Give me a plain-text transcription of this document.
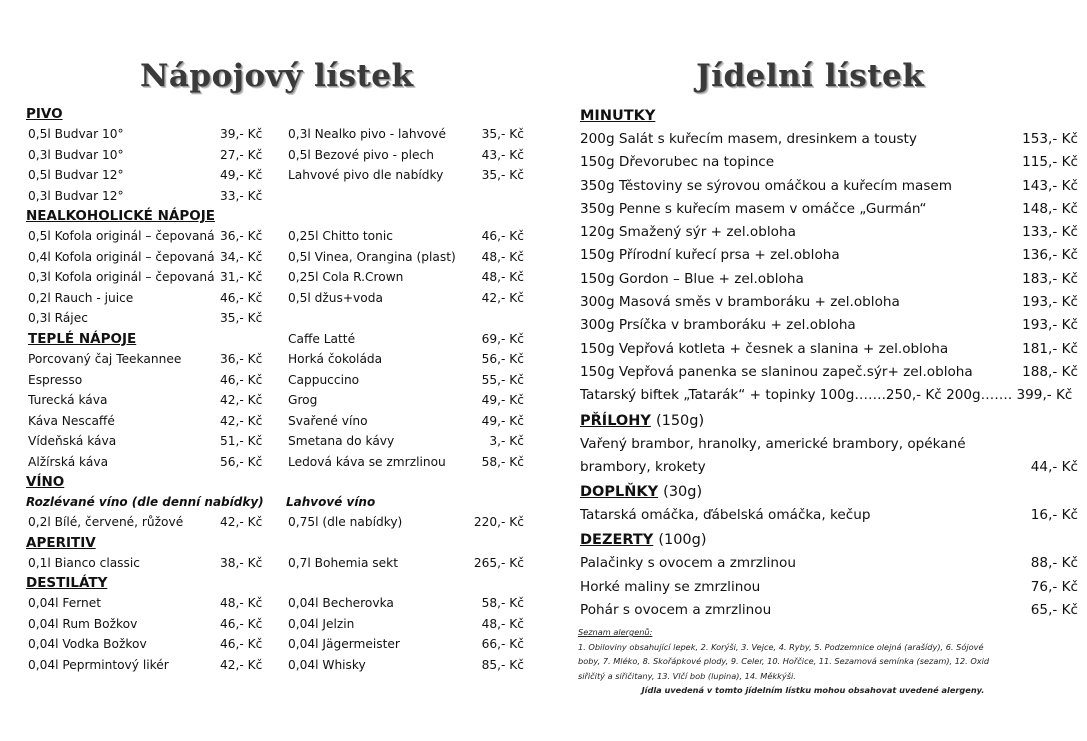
Nápojový lístek	Jídelní lístek
PIVO
0,5l Budvar 10°	39,- Kč 0,3l Nealko pivo - lahvové	35,- Kč
0,3l Budvar 10°	27,- Kč 0,5l Bezové pivo - plech	43,- Kč
0,5l Budvar 12°	49,- Kč Lahvové pivo dle nabídky	35,- Kč
0,3l Budvar 12°	33,- Kč
NEALKOHOLICKÉ NÁPOJE
0,5l Kofola originál – čepovaná 36,- Kč 0,25l Chitto tonic	46,- Kč
0,4l Kofola originál – čepovaná 34,- Kč 0,5l Vinea, Orangina (plast) 48,- Kč
0,3l Kofola originál – čepovaná 31,- Kč 0,25l Cola R.Crown	48,- Kč
0,2l Rauch - juice	46,- Kč 0,5l džus+voda	42,- Kč
0,3l Rájec	35,- Kč
TEPLÉ NÁPOJE	Caffe Latté	69,- Kč
Porcovaný čaj Teekannee	36,- Kč Horká čokoláda	56,- Kč
Espresso	46,- Kč Cappuccino	55,- Kč
Turecká káva	42,- Kč Grog	49,- Kč
Káva Nescaffé	42,- Kč Svařené víno	49,- Kč
Vídeňská káva	51,- Kč Smetana do kávy	3,- Kč
Alžírská káva	56,- Kč Ledová káva se zmrzlinou	58,- Kč
VÍNO
Rozlévané víno (dle denní nabídky) Lahvové víno
0,2l Bílé, červené, růžové	42,- Kč 0,75l (dle nabídky)	220,- Kč
APERITIV
0,1l Bianco classic	38,- Kč 0,7l Bohemia sekt	265,- Kč
DESTILÁTY
0,04l Fernet	48,- Kč 0,04l Becherovka	58,- Kč
0,04l Rum Božkov	46,- Kč 0,04l Jelzin	48,- Kč
0,04l Vodka Božkov	46,- Kč 0,04l Jägermeister	66,- Kč
0,04l Peprmintový likér	42,- Kč 0,04l Whisky	85,- Kč
MINUTKY
200g Salát s kuřecím masem, dresinkem a tousty	153,- Kč
150g Dřevorubec na topince	115,- Kč
350g Těstoviny se sýrovou omáčkou a kuřecím masem	143,- Kč
350g Penne s kuřecím masem v omáčce „Gurmán“	148,- Kč
120g Smažený sýr + zel.obloha	133,- Kč
150g Přírodní kuřecí prsa + zel.obloha	136,- Kč
150g Gordon – Blue + zel.obloha	183,- Kč
300g Masová směs v bramboráku + zel.obloha	193,- Kč
300g Prsíčka v bramboráku + zel.obloha	193,- Kč
150g Vepřová kotleta + česnek a slanina + zel.obloha	181,- Kč
150g Vepřová panenka se slaninou zapeč.sýr+ zel.obloha	188,- Kč
Tatarský biftek „Tatarák“ + topinky 100g…….250,- Kč 200g……. 399,- Kč
PŘÍLOHY (150g)
Vařený brambor, hranolky, americké brambory, opékané
brambory, krokety	44,- Kč
DOPLŇKY (30g)
Tatarská omáčka, ďábelská omáčka, kečup	16,- Kč
DEZERTY (100g)
Palačinky s ovocem a zmrzlinou	88,- Kč
Horké maliny se zmrzlinou	76,- Kč
Pohár s ovocem a zmrzlinou	65,- Kč
Seznam alergenů:
1. Obiloviny obsahující lepek, 2. Korýši, 3. Vejce, 4. Ryby, 5. Podzemnice olejná (arašídy), 6. Sójové
boby, 7. Mléko, 8. Skořápkové plody, 9. Celer, 10. Hořčice, 11. Sezamová semínka (sezam), 12. Oxid
siřičitý a siřičitany, 13. Vlčí bob (lupina), 14. Měkkýši.
Jídla uvedená v tomto jídelním lístku mohou obsahovat uvedené alergeny.
